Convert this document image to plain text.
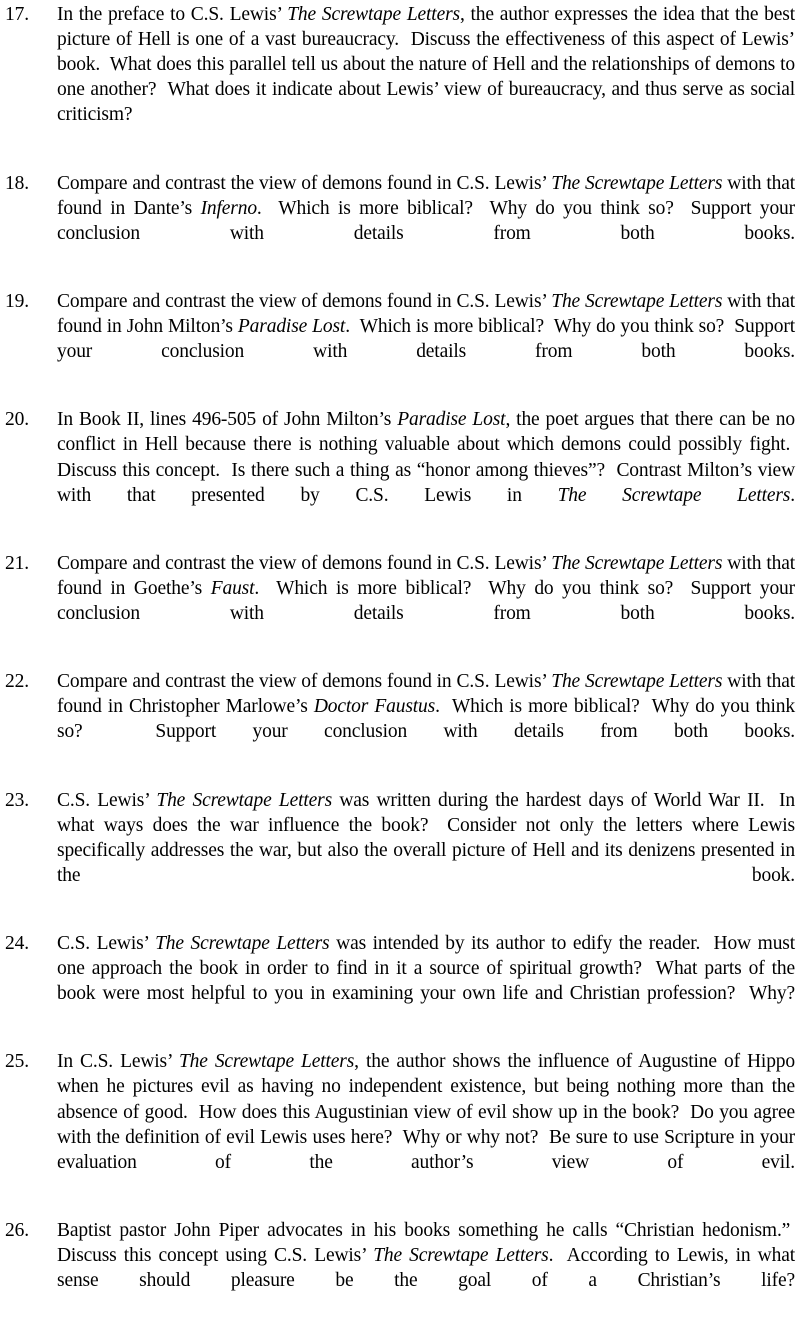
17.	In the preface to C.S. Lewis’ The Screwtape Letters, the author expresses the idea that the best picture of Hell is one of a vast bureaucracy.  Discuss the effectiveness of this aspect of Lewis’ book.  What does this parallel tell us about the nature of Hell and the relationships of demons to one another?  What does it indicate about Lewis’ view of bureaucracy, and thus serve as social criticism?
18.	Compare and contrast the view of demons found in C.S. Lewis’ The Screwtape Letters with that found in Dante’s Inferno.  Which is more biblical?  Why do you think so?  Support your conclusion with details from both books.
19.	Compare and contrast the view of demons found in C.S. Lewis’ The Screwtape Letters with that found in John Milton’s Paradise Lost.  Which is more biblical?  Why do you think so?  Support your conclusion with details from both books.
20.	In Book II, lines 496-505 of John Milton’s Paradise Lost, the poet argues that there can be no conflict in Hell because there is nothing valuable about which demons could possibly fight.  Discuss this concept.  Is there such a thing as “honor among thieves”?  Contrast Milton’s view with that presented by C.S. Lewis in The Screwtape Letters.
21.	Compare and contrast the view of demons found in C.S. Lewis’ The Screwtape Letters with that found in Goethe’s Faust.  Which is more biblical?  Why do you think so?  Support your conclusion with details from both books.
22.	Compare and contrast the view of demons found in C.S. Lewis’ The Screwtape Letters with that found in Christopher Marlowe’s Doctor Faustus.  Which is more biblical?  Why do you think so?  Support your conclusion with details from both books.
23.	C.S. Lewis’ The Screwtape Letters was written during the hardest days of World War II.  In what ways does the war influence the book?  Consider not only the letters where Lewis specifically addresses the war, but also the overall picture of Hell and its denizens presented in the book.
24.	C.S. Lewis’ The Screwtape Letters was intended by its author to edify the reader.  How must one approach the book in order to find in it a source of spiritual growth?  What parts of the book were most helpful to you in examining your own life and Christian profession?  Why?
25.	In C.S. Lewis’ The Screwtape Letters, the author shows the influence of Augustine of Hippo when he pictures evil as having no independent existence, but being nothing more than the absence of good.  How does this Augustinian view of evil show up in the book?  Do you agree with the definition of evil Lewis uses here?  Why or why not?  Be sure to use Scripture in your evaluation of the author’s view of evil.
26.	Baptist pastor John Piper advocates in his books something he calls “Christian hedonism.”  Discuss this concept using C.S. Lewis’ The Screwtape Letters.  According to Lewis, in what sense should pleasure be the goal of a Christian’s life?
